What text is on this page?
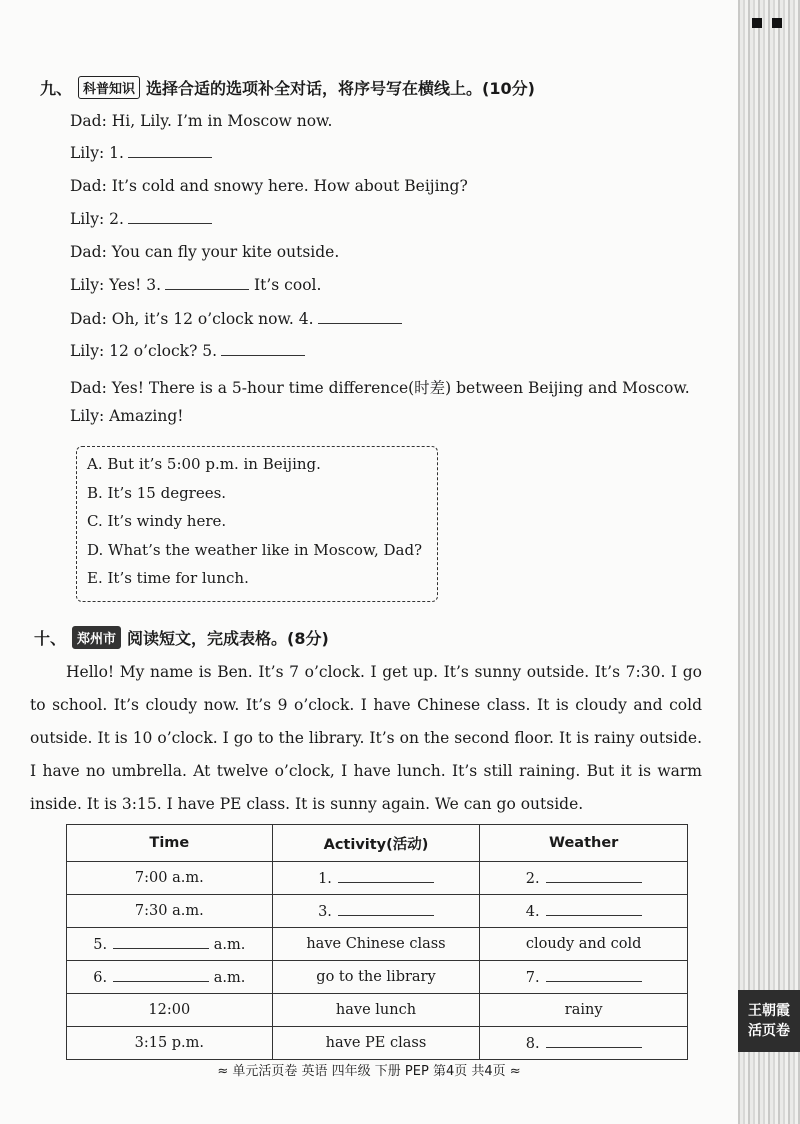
九、 科普知识 选择合适的选项补全对话，将序号写在横线上。(10分)
Dad: Hi, Lily. I’m in Moscow now.
Lily: 1.
Dad: It’s cold and snowy here. How about Beijing?
Lily: 2.
Dad: You can fly your kite outside.
Lily: Yes! 3.	It’s cool.
Dad: Oh, it’s 12 o’clock now. 4.
Lily: 12 o’clock? 5.
Dad: Yes! There is a 5-hour time difference(时差) between Beijing and Moscow.
Lily: Amazing!
A. But it’s 5:00 p.m. in Beijing.
B. It’s 15 degrees.
C. It’s windy here.
D. What’s the weather like in Moscow, Dad?
E. It’s time for lunch.
十、 郑州市 阅读短文，完成表格。(8分)
Hello! My name is Ben. It’s 7 o’clock. I get up. It’s sunny outside. It’s 7:30. I go to school. It’s cloudy now. It’s 9 o’clock. I have Chinese class. It is cloudy and cold outside. It is 10 o’clock. I go to the library. It’s on the second floor. It is rainy outside. I have no umbrella. At twelve o’clock, I have lunch. It’s still raining. But it is warm inside. It is 3:15. I have PE class. It is sunny again. We can go outside.
Time	Activity(活动)	Weather
7:00 a.m.	1.	2.
7:30 a.m.	3.	4.
5. a.m.	have Chinese class	cloudy and cold
6. a.m.	go to the library	7.
12:00	have lunch	rainy
3:15 p.m.	have PE class	8.
≈ 单元活页卷 英语 四年级 下册 PEP 第4页 共4页 ≈
王朝霞
活页卷
